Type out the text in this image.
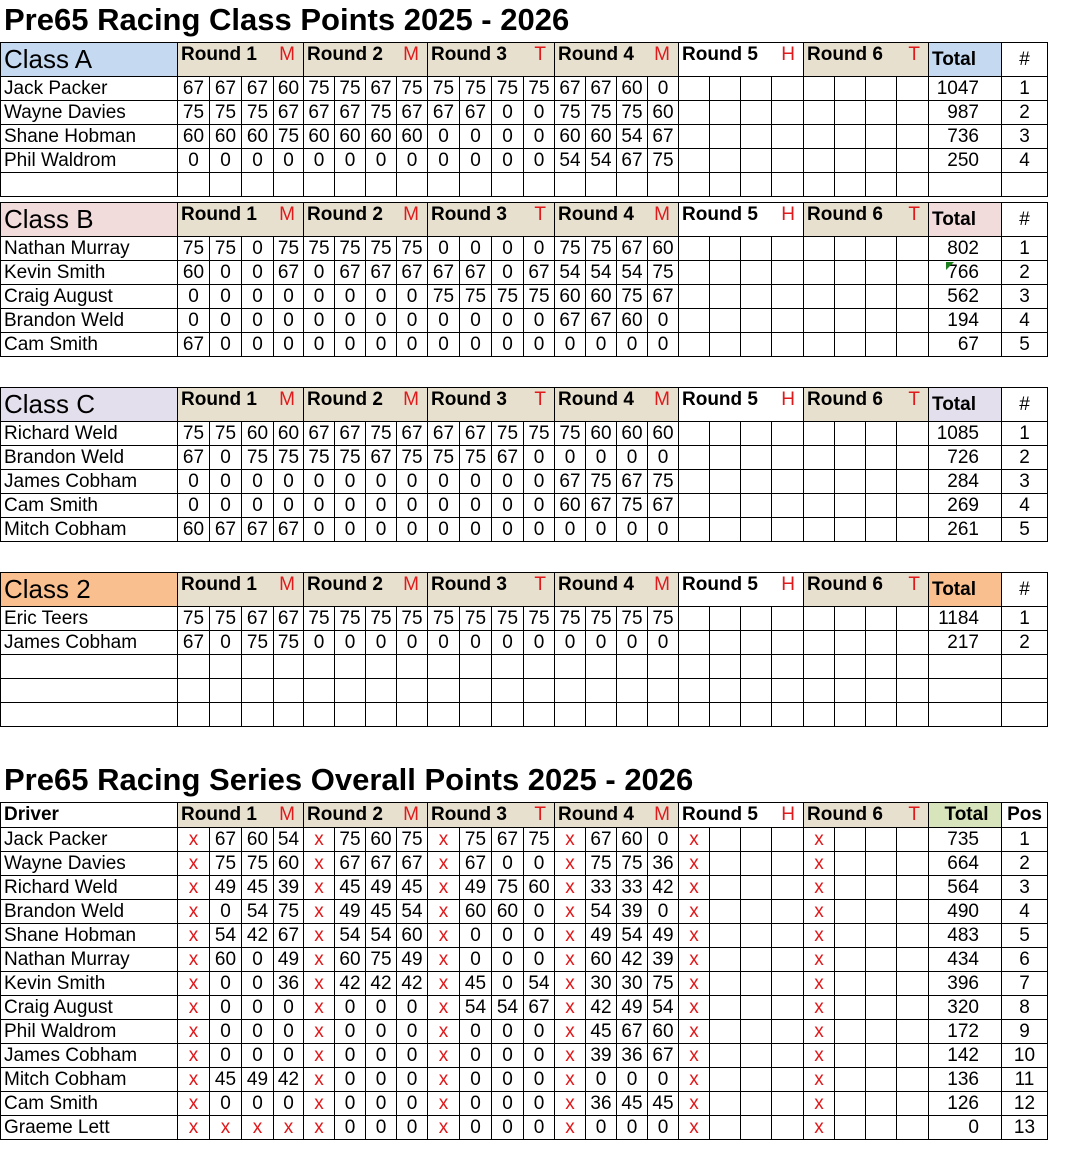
Pre65 Racing Class Points 2025 - 2026
Class A	Round 1 M				Round 2 M				Round 3 T				Round 4 M				Round 5 H				Round 6 T				Total	#
Jack Packer	67	67	67	60	75	75	67	75	75	75	75	75	67	67	60	0									1047	1
Wayne Davies	75	75	75	67	67	67	75	67	67	67	0	0	75	75	75	60									987	2
Shane Hobman	60	60	60	75	60	60	60	60	0	0	0	0	60	60	54	67									736	3
Phil Waldrom	0	0	0	0	0	0	0	0	0	0	0	0	54	54	67	75									250	4

Class B	Round 1 M				Round 2 M				Round 3 T				Round 4 M				Round 5 H				Round 6 T				Total	#
Nathan Murray	75	75	0	75	75	75	75	75	0	0	0	0	75	75	67	60									802	1
Kevin Smith	60	0	0	67	0	67	67	67	67	67	0	67	54	54	54	75									766	2
Craig August	0	0	0	0	0	0	0	0	75	75	75	75	60	60	75	67									562	3
Brandon Weld	0	0	0	0	0	0	0	0	0	0	0	0	67	67	60	0									194	4
Cam Smith	67	0	0	0	0	0	0	0	0	0	0	0	0	0	0	0									67	5
Class C	Round 1 M				Round 2 M				Round 3 T				Round 4 M				Round 5 H				Round 6 T				Total	#
Richard Weld	75	75	60	60	67	67	75	67	67	67	75	75	75	60	60	60									1085	1
Brandon Weld	67	0	75	75	75	75	67	75	75	75	67	0	0	0	0	0									726	2
James Cobham	0	0	0	0	0	0	0	0	0	0	0	0	67	75	67	75									284	3
Cam Smith	0	0	0	0	0	0	0	0	0	0	0	0	60	67	75	67									269	4
Mitch Cobham	60	67	67	67	0	0	0	0	0	0	0	0	0	0	0	0									261	5
Class 2	Round 1 M				Round 2 M				Round 3 T				Round 4 M				Round 5 H				Round 6 T				Total	#
Eric Teers	75	75	67	67	75	75	75	75	75	75	75	75	75	75	75	75									1184	1
James Cobham	67	0	75	75	0	0	0	0	0	0	0	0	0	0	0	0									217	2

Pre65 Racing Series Overall Points 2025 - 2026
Driver	Round 1 M				Round 2 M				Round 3 T				Round 4 M				Round 5 H				Round 6 T				Total	Pos
Jack Packer	x	67	60	54	x	75	60	75	x	75	67	75	x	67	60	0	x				x				735	1
Wayne Davies	x	75	75	60	x	67	67	67	x	67	0	0	x	75	75	36	x				x				664	2
Richard Weld	x	49	45	39	x	45	49	45	x	49	75	60	x	33	33	42	x				x				564	3
Brandon Weld	x	0	54	75	x	49	45	54	x	60	60	0	x	54	39	0	x				x				490	4
Shane Hobman	x	54	42	67	x	54	54	60	x	0	0	0	x	49	54	49	x				x				483	5
Nathan Murray	x	60	0	49	x	60	75	49	x	0	0	0	x	60	42	39	x				x				434	6
Kevin Smith	x	0	0	36	x	42	42	42	x	45	0	54	x	30	30	75	x				x				396	7
Craig August	x	0	0	0	x	0	0	0	x	54	54	67	x	42	49	54	x				x				320	8
Phil Waldrom	x	0	0	0	x	0	0	0	x	0	0	0	x	45	67	60	x				x				172	9
James Cobham	x	0	0	0	x	0	0	0	x	0	0	0	x	39	36	67	x				x				142	10
Mitch Cobham	x	45	49	42	x	0	0	0	x	0	0	0	x	0	0	0	x				x				136	11
Cam Smith	x	0	0	0	x	0	0	0	x	0	0	0	x	36	45	45	x				x				126	12
Graeme Lett	x	x	x	x	x	0	0	0	x	0	0	0	x	0	0	0	x				x				0	13
